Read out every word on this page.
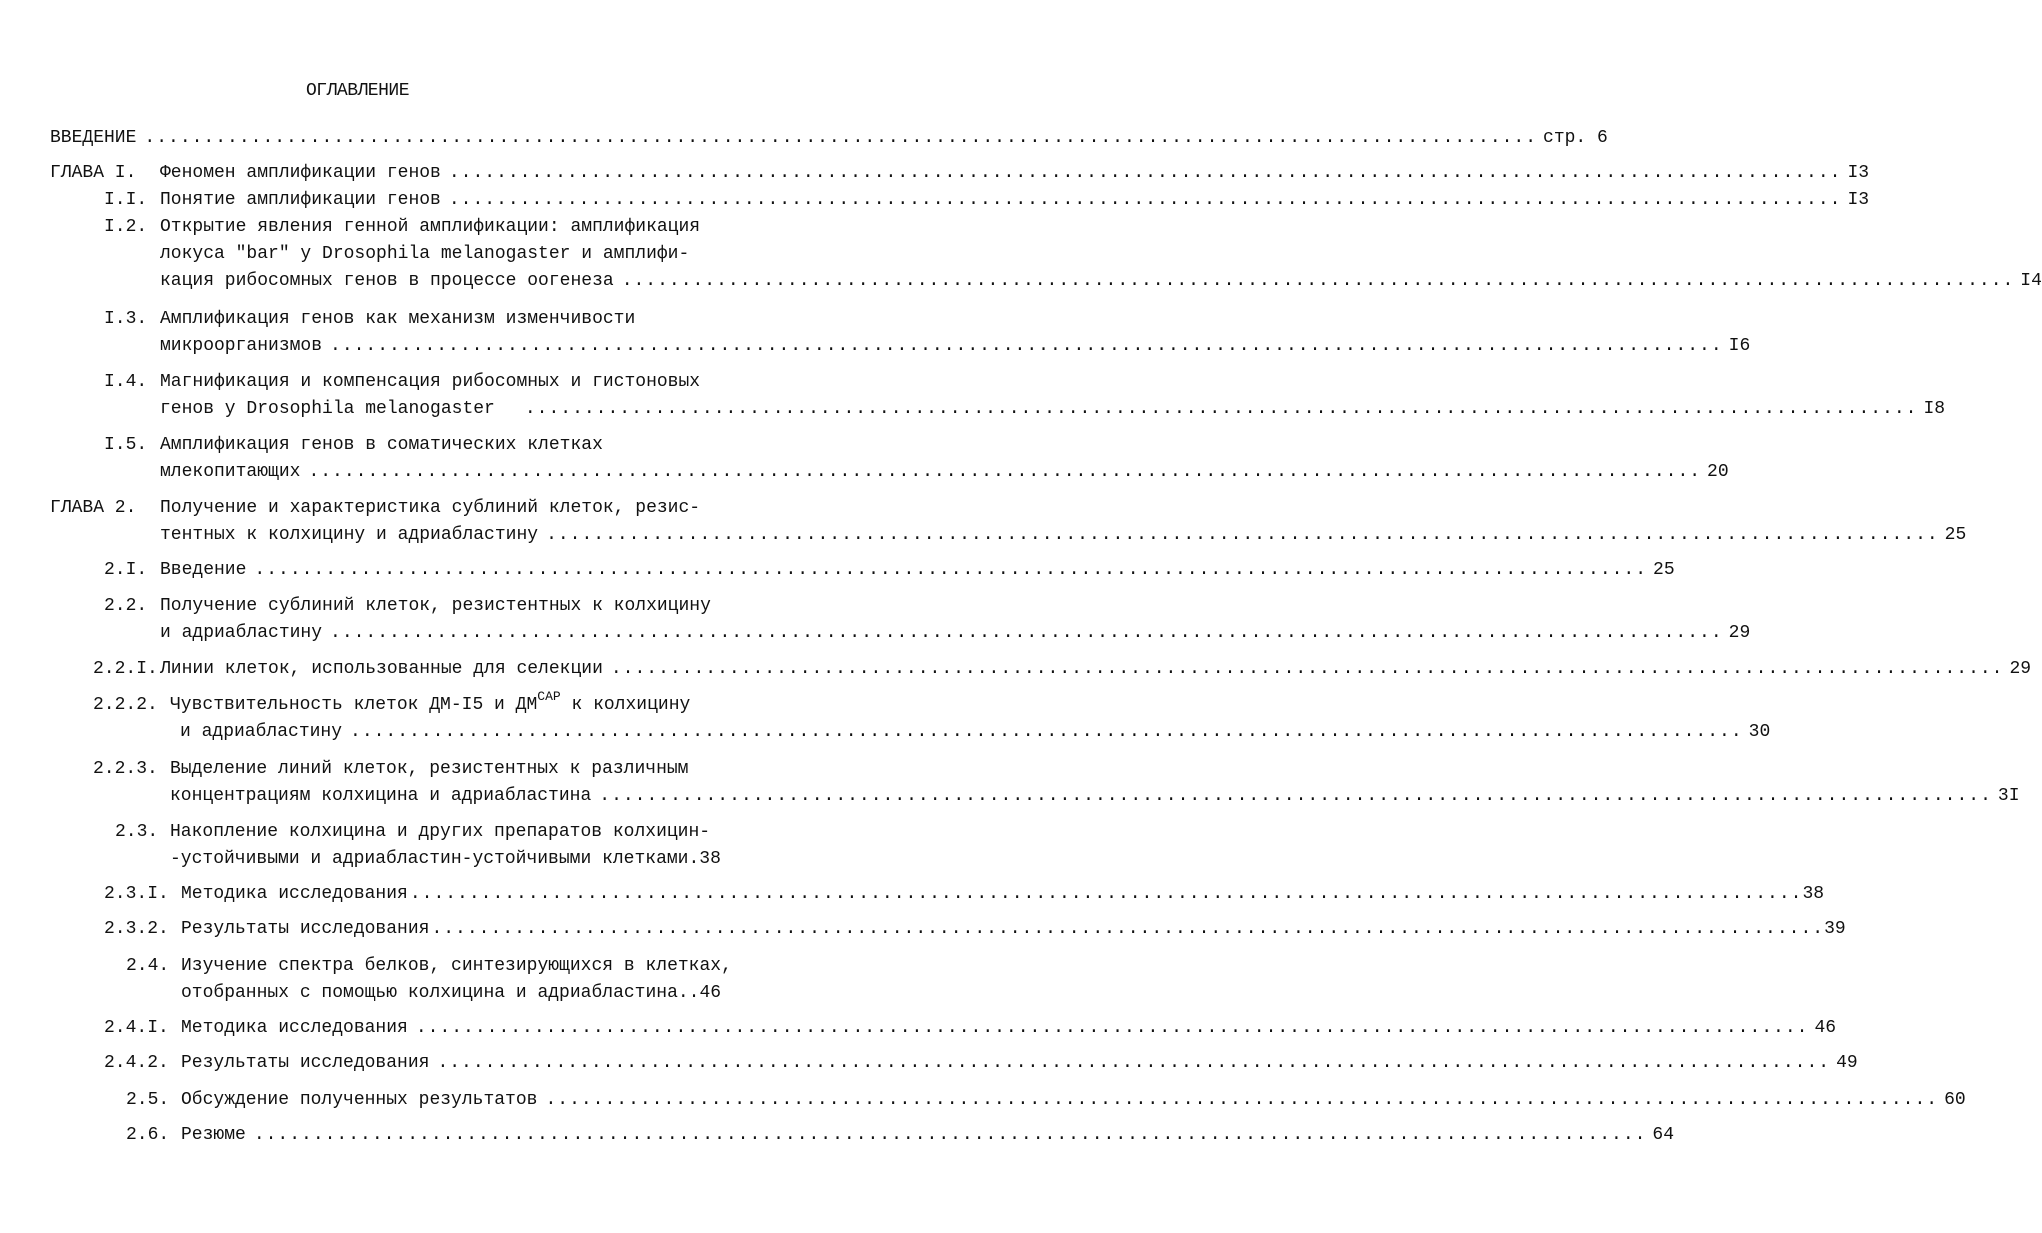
ОГЛАВЛЕНИЕ
ВВЕДЕНИЕ ...................................................................................................................... стр. 6
ГЛАВА I. Феномен амплификации генов ...................................................................................................................... I3
I.I. Понятие амплификации генов ...................................................................................................................... I3
I.2. Открытие явления генной амплификации: амплификация
локуса "bar" у Drosophila melanogaster и амплифи-
кация рибосомных генов в процессе оогенеза ...................................................................................................................... I4
I.3. Амплификация генов как механизм изменчивости
микроорганизмов ...................................................................................................................... I6
I.4. Магнификация и компенсация рибосомных и гистоновых
генов у Drosophila melanogaster ...................................................................................................................... I8
I.5. Амплификация генов в соматических клетках
млекопитающих ...................................................................................................................... 20
ГЛАВА 2. Получение и характеристика сублиний клеток, резис-
тентных к колхицину и адриабластину ...................................................................................................................... 25
2.I. Введение ...................................................................................................................... 25
2.2. Получение сублиний клеток, резистентных к колхицину
и адриабластину ...................................................................................................................... 29
2.2.I. Линии клеток, использованные для селекции ...................................................................................................................... 29
2.2.2. Чувствительность клеток ДМ-I5 и $ДМ^{CAP}$ к колхицину
и адриабластину ...................................................................................................................... 30
2.2.3. Выделение линий клеток, резистентных к различным
концентрациям колхицина и адриабластина ...................................................................................................................... 3I
2.3. Накопление колхицина и других препаратов колхицин-
-устойчивыми и адриабластин-устойчивыми клетками.38
2.3.I. Методика исследования ...................................................................................................................... 38
2.3.2. Результаты исследования ...................................................................................................................... 39
2.4. Изучение спектра белков, синтезирующихся в клетках,
отобранных с помощью колхицина и адриабластина..46
2.4.I. Методика исследования ...................................................................................................................... 46
2.4.2. Результаты исследования ...................................................................................................................... 49
2.5. Обсуждение полученных результатов ...................................................................................................................... 60
2.6. Резюме ...................................................................................................................... 64
